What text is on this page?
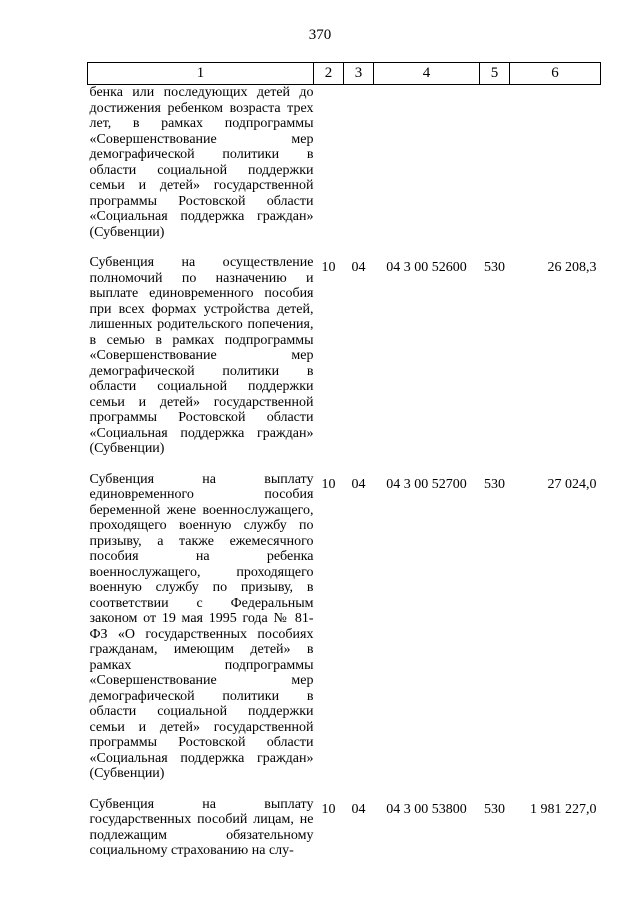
370
1	2	3	4	5	6
бенка или последующих детей до достижения ребенком возраста трех лет, в рамках подпрограммы «Совершенствование мер демографической политики в области социальной поддержки семьи и детей» государственной программы Ростовской области «Социальная поддержка граждан» (Субвенции)					
Субвенция на осуществление полномочий по назначению и выплате единовременного пособия при всех формах устройства детей, лишенных родительского попечения, в семью в рамках подпрограммы «Совершенствование мер демографической политики в области социальной поддержки семьи и детей» государственной программы Ростовской области «Социальная поддержка граждан» (Субвенции)	10	04	04 3 00 52600	530	26 208,3
Субвенция на выплату единовременного пособия беременной жене военнослужащего, проходящего военную службу по призыву, а также ежемесячного пособия на ребенка военнослужащего, проходящего военную службу по призыву, в соответствии с Федеральным законом от 19 мая 1995 года № 81-ФЗ «О государственных пособиях гражданам, имеющим детей» в рамках подпрограммы «Совершенствование мер демографической политики в области социальной поддержки семьи и детей» государственной программы Ростовской области «Социальная поддержка граждан» (Субвенции)	10	04	04 3 00 52700	530	27 024,0
Субвенция на выплату государственных пособий лицам, не подлежащим обязательному социальному страхованию на слу-	10	04	04 3 00 53800	530	1 981 227,0
